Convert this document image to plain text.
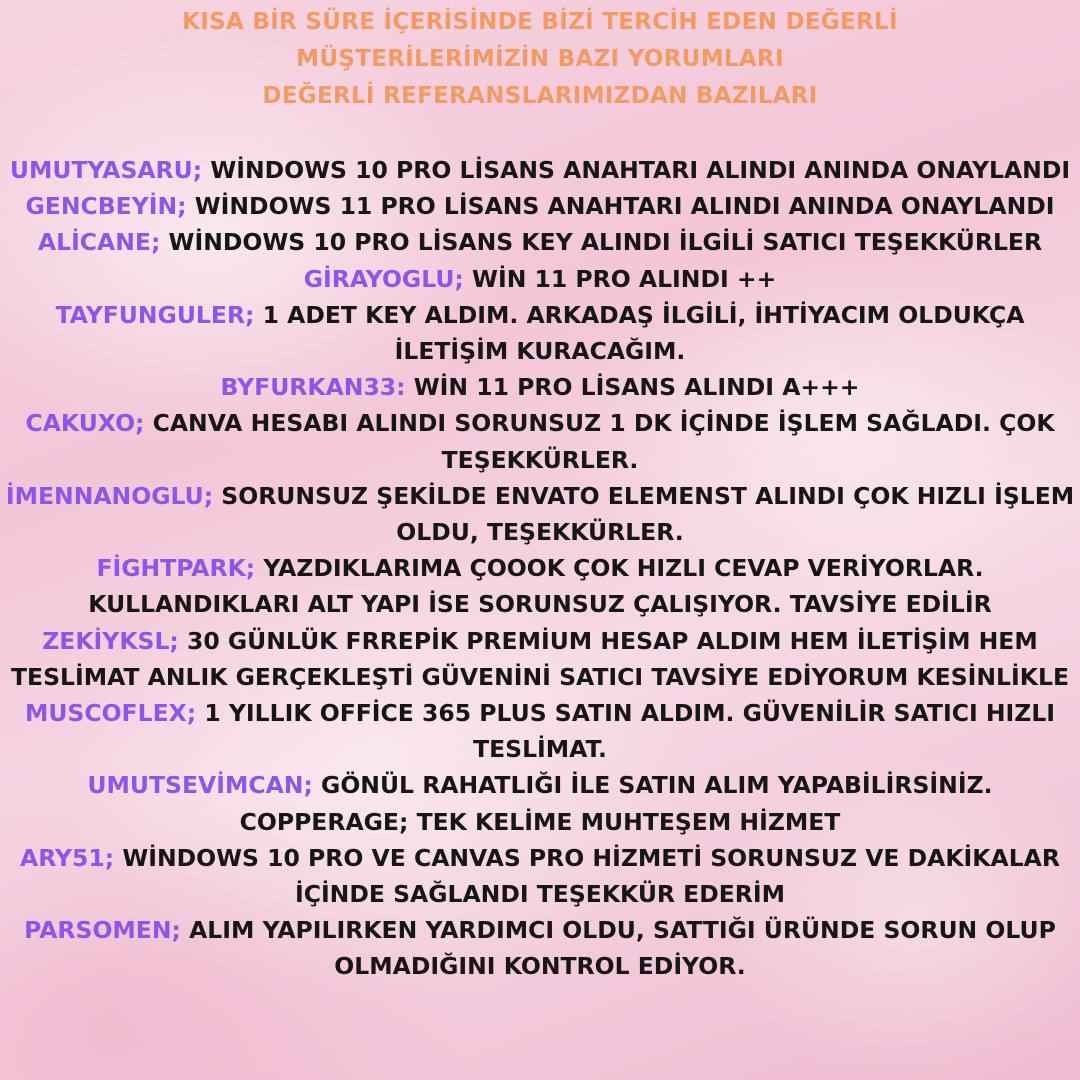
KISA BİR SÜRE İÇERİSİNDE BİZİ TERCİH EDEN DEĞERLİ
MÜŞTERİLERİMİZİN BAZI YORUMLARI
DEĞERLİ REFERANSLARIMIZDAN BAZILARI
UMUTYASARU; WİNDOWS 10 PRO LİSANS ANAHTARI ALINDI ANINDA ONAYLANDI
GENCBEYİN; WİNDOWS 11 PRO LİSANS ANAHTARI ALINDI ANINDA ONAYLANDI
ALİCANE; WİNDOWS 10 PRO LİSANS KEY ALINDI İLGİLİ SATICI TEŞEKKÜRLER
GİRAYOGLU; WİN 11 PRO ALINDI ++
TAYFUNGULER; 1 ADET KEY ALDIM. ARKADAŞ İLGİLİ, İHTİYACIM OLDUKÇA İLETİŞİM KURACAĞIM.
BYFURKAN33: WİN 11 PRO LİSANS ALINDI A+++
CAKUXO; CANVA HESABI ALINDI SORUNSUZ 1 DK İÇİNDE İŞLEM SAĞLADI. ÇOK TEŞEKKÜRLER.
İMENNANOGLU; SORUNSUZ ŞEKİLDE ENVATO ELEMENST ALINDI ÇOK HIZLI İŞLEM OLDU, TEŞEKKÜRLER.
FİGHTPARK; YAZDIKLARIMA ÇOOOK ÇOK HIZLI CEVAP VERİYORLAR. KULLANDIKLARI ALT YAPI İSE SORUNSUZ ÇALIŞIYOR. TAVSİYE EDİLİR
ZEKİYKSL; 30 GÜNLÜK FRREPİK PREMİUM HESAP ALDIM HEM İLETİŞİM HEM TESLİMAT ANLIK GERÇEKLEŞTİ GÜVENİNİ SATICI TAVSİYE EDİYORUM KESİNLİKLE
MUSCOFLEX; 1 YILLIK OFFİCE 365 PLUS SATIN ALDIM. GÜVENİLİR SATICI HIZLI TESLİMAT.
UMUTSEVİMCAN; GÖNÜL RAHATLIĞI İLE SATIN ALIM YAPABİLİRSİNİZ.
COPPERAGE; TEK KELİME MUHTEŞEM HİZMET
ARY51; WİNDOWS 10 PRO VE CANVAS PRO HİZMETİ SORUNSUZ VE DAKİKALAR İÇİNDE SAĞLANDI TEŞEKKÜR EDERİM
PARSOMEN; ALIM YAPILIRKEN YARDIMCI OLDU, SATTIĞI ÜRÜNDE SORUN OLUP OLMADIĞINI KONTROL EDİYOR.
